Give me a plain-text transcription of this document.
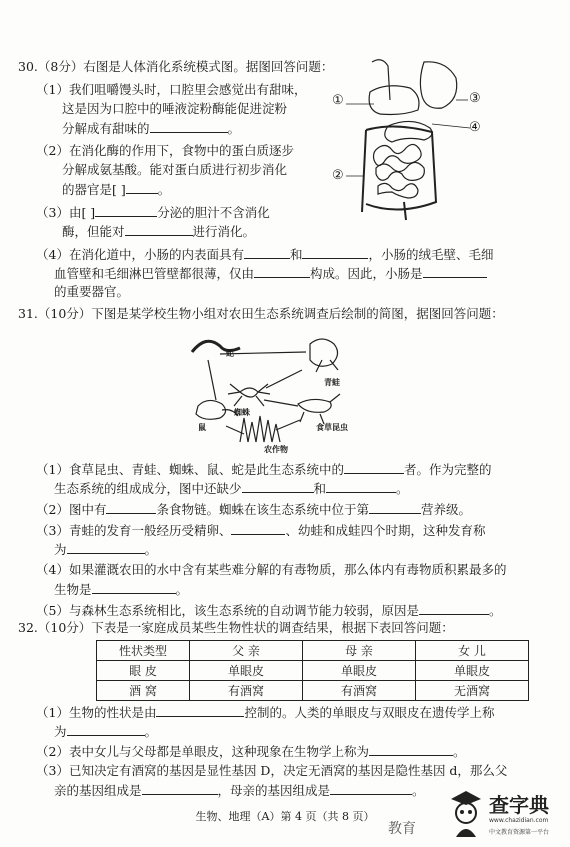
30.（8分）右图是人体消化系统模式图。据图回答问题：
（1）我们咀嚼馒头时，口腔里会感觉出有甜味，
这是因为口腔中的唾液淀粉酶能促进淀粉
分解成有甜味的	。
（2）在消化酶的作用下，食物中的蛋白质逐步
分解成氨基酸。能对蛋白质进行初步消化
的器官是[ ]	。
（3）由[ ]	分泌的胆汁不含消化
酶，但能对	进行消化。
（4）在消化道中，小肠的内表面具有	和	，小肠的绒毛壁、毛细
血管壁和毛细淋巴管壁都很薄，仅由	构成。因此，小肠是
的重要器官。
①	③
④
②
31.（10分）下图是某学校生物小组对农田生态系统调查后绘制的简图，据图回答问题：
蛇
青蛙
蜘蛛
鼠	食草昆虫
农作物
（1）食草昆虫、青蛙、蜘蛛、鼠、蛇是此生态系统中的	者。作为完整的
生态系统的组成成分，图中还缺少	和	。
（2）图中有	条食物链。蜘蛛在该生态系统中位于第	营养级。
（3）青蛙的发育一般经历受精卵、	、幼蛙和成蛙四个时期，这种发育称
为	。
（4）如果灌溉农田的水中含有某些难分解的有毒物质，那么体内有毒物质积累最多的
生物是	。
（5）与森林生态系统相比，该生态系统的自动调节能力较弱，原因是	。
32.（10分）下表是一家庭成员某些生物性状的调查结果，根据下表回答问题：
性状类型	父 亲	母 亲	女 儿
眼 皮	单眼皮	单眼皮	单眼皮
酒 窝	有酒窝	有酒窝	无酒窝
（1）生物的性状是由	控制的。人类的单眼皮与双眼皮在遗传学上称
为	。
（2）表中女儿与父母都是单眼皮，这种现象在生物学上称为	。
（3）已知决定有酒窝的基因是显性基因 D，决定无酒窝的基因是隐性基因 d，那么父
亲的基因组成是	，母亲的基因组成是	。
生物、地理（A）第 4 页（共 8 页）
教育
查字典
www.chazidian.com
中文教育资源第一平台
